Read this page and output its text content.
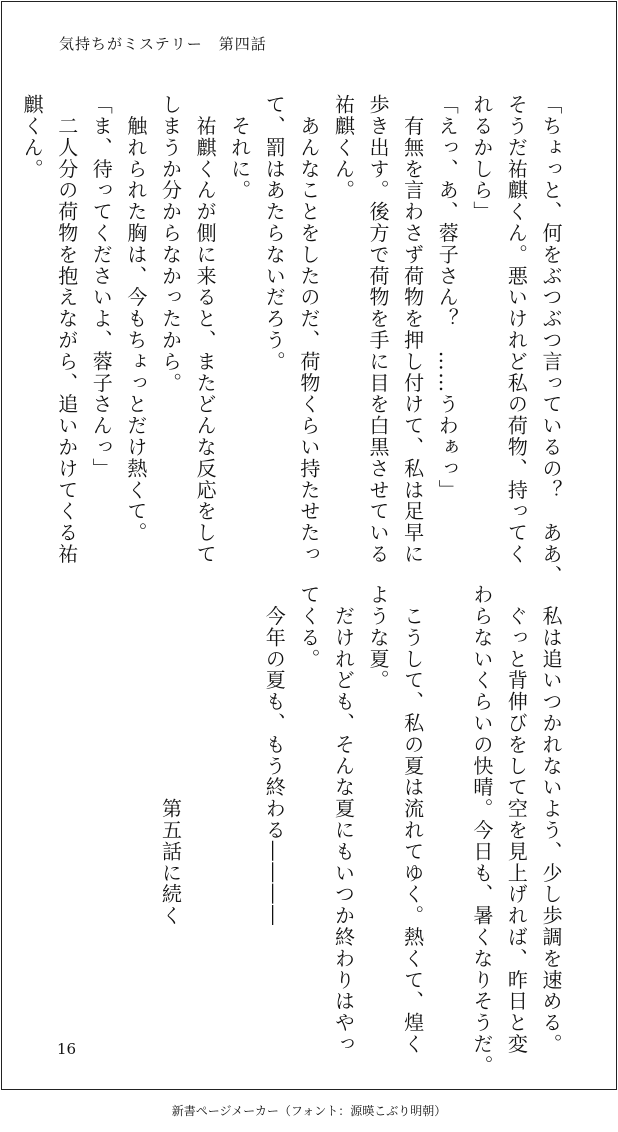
気持ちがミステリー　第四話
「ちょっと、何をぶつぶつ言っているの？　ああ、
そうだ祐麒くん。悪いけれど私の荷物、持ってく
れるかしら」
「えっ、あ、蓉子さん？　……うわぁっ」
　有無を言わさず荷物を押し付けて、私は足早に
歩き出す。後方で荷物を手に目を白黒させている
祐麒くん。
　あんなことをしたのだ、荷物くらい持たせたっ
て、罰はあたらないだろう。
　それに。
　祐麒くんが側に来ると、またどんな反応をして
しまうか分からなかったから。
　触れられた胸は、今もちょっとだけ熱くて。
「ま、待ってくださいよ、蓉子さんっ」
　二人分の荷物を抱えながら、追いかけてくる祐
麒くん。
　私は追いつかれないよう、少し歩調を速める。
　ぐっと背伸びをして空を見上げれば、昨日と変
わらないくらいの快晴。今日も、暑くなりそうだ。
　こうして、私の夏は流れてゆく。熱くて、煌く
ような夏。
　だけれども、そんな夏にもいつか終わりはやっ
てくる。
　今年の夏も、もう終わる――――
　　　　　　　　　　第五話に続く
16
新書ページメーカー（フォント：源暎こぶり明朝）
